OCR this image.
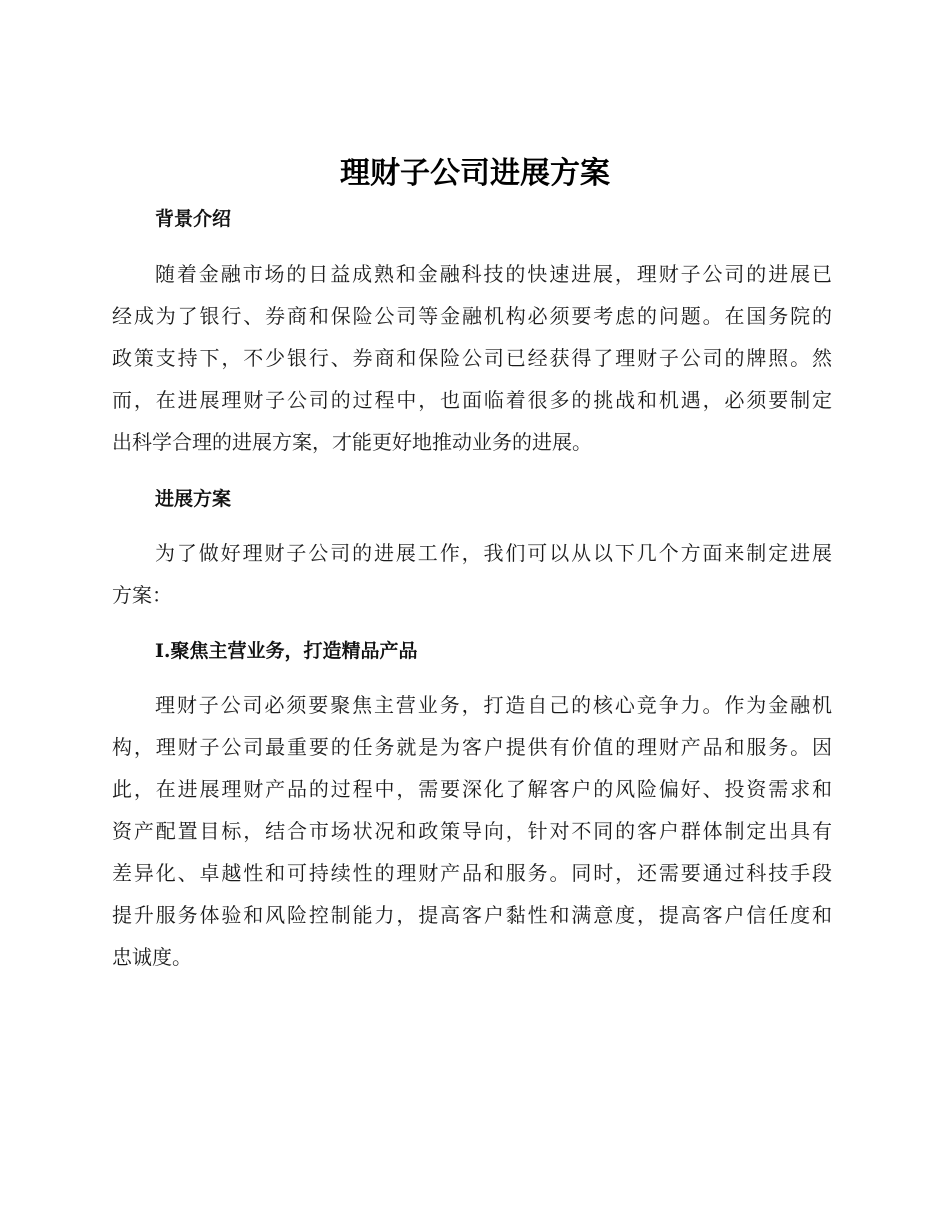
理财子公司进展方案
背景介绍
随着金融市场的日益成熟和金融科技的快速进展，理财子公司的进展已
经成为了银行、券商和保险公司等金融机构必须要考虑的问题。在国务院的
政策支持下，不少银行、券商和保险公司已经获得了理财子公司的牌照。然
而，在进展理财子公司的过程中，也面临着很多的挑战和机遇，必须要制定
出科学合理的进展方案，才能更好地推动业务的进展。
进展方案
为了做好理财子公司的进展工作，我们可以从以下几个方面来制定进展
方案：
I.聚焦主营业务，打造精品产品
理财子公司必须要聚焦主营业务，打造自己的核心竞争力。作为金融机
构，理财子公司最重要的任务就是为客户提供有价值的理财产品和服务。因
此，在进展理财产品的过程中，需要深化了解客户的风险偏好、投资需求和
资产配置目标，结合市场状况和政策导向，针对不同的客户群体制定出具有
差异化、卓越性和可持续性的理财产品和服务。同时，还需要通过科技手段
提升服务体验和风险控制能力，提高客户黏性和满意度，提高客户信任度和
忠诚度。
